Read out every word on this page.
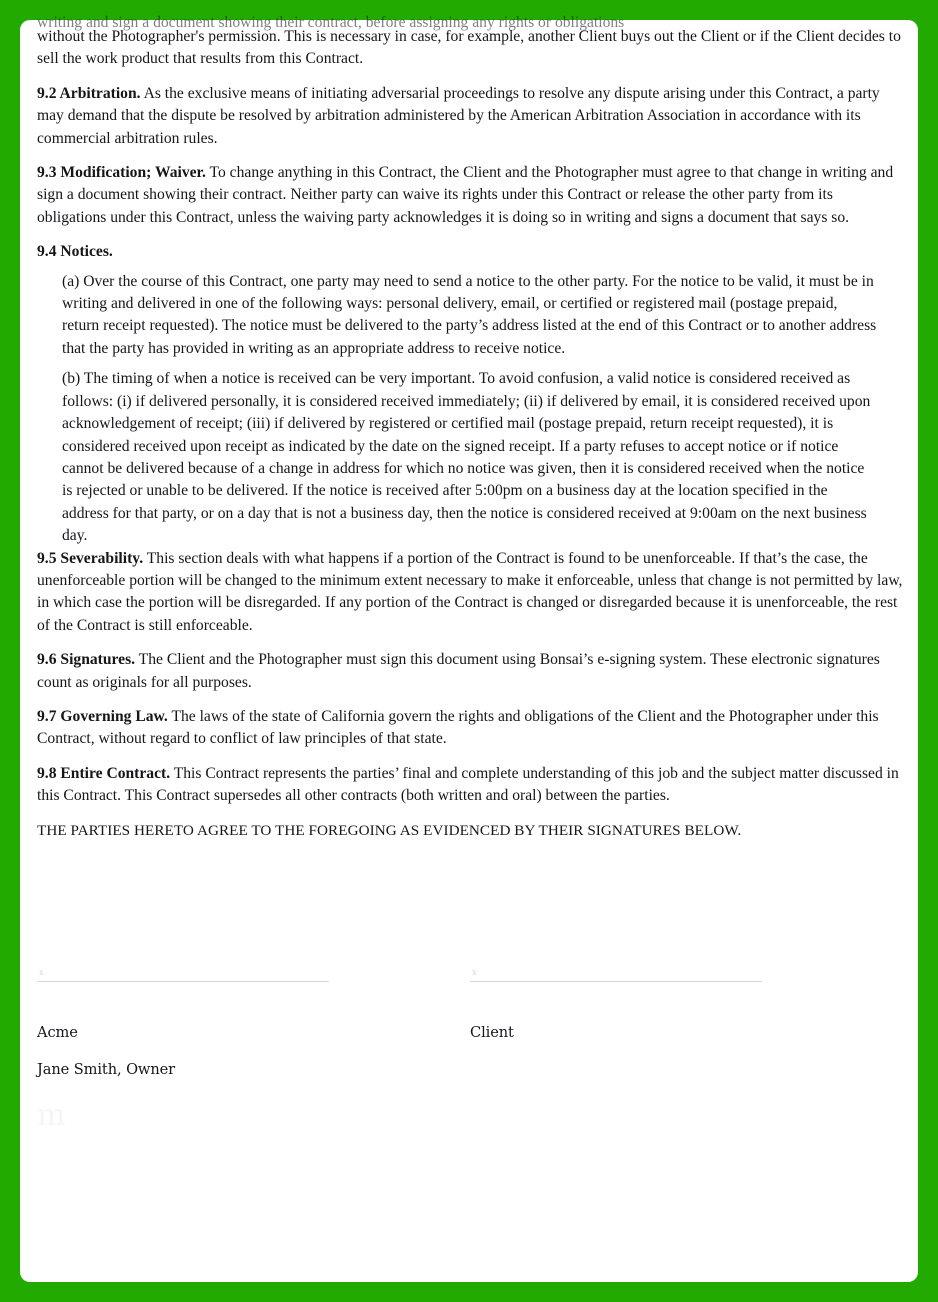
writing and sign a document showing their contract, before assigning any rights or obligations

without the Photographer's permission. This is necessary in case, for example, another Client buys out the Client or if the Client decides to sell the work product that results from this Contract.

9.2 Arbitration. As the exclusive means of initiating adversarial proceedings to resolve any dispute arising under this Contract, a party may demand that the dispute be resolved by arbitration administered by the American Arbitration Association in accordance with its commercial arbitration rules.

9.3 Modification; Waiver. To change anything in this Contract, the Client and the Photographer must agree to that change in writing and sign a document showing their contract. Neither party can waive its rights under this Contract or release the other party from its obligations under this Contract, unless the waiving party acknowledges it is doing so in writing and signs a document that says so.

9.4 Notices.

(a) Over the course of this Contract, one party may need to send a notice to the other party. For the notice to be valid, it must be in writing and delivered in one of the following ways: personal delivery, email, or certified or registered mail (postage prepaid, return receipt requested). The notice must be delivered to the party’s address listed at the end of this Contract or to another address that the party has provided in writing as an appropriate address to receive notice.

(b) The timing of when a notice is received can be very important. To avoid confusion, a valid notice is considered received as follows: (i) if delivered personally, it is considered received immediately; (ii) if delivered by email, it is considered received upon acknowledgement of receipt; (iii) if delivered by registered or certified mail (postage prepaid, return receipt requested), it is considered received upon receipt as indicated by the date on the signed receipt. If a party refuses to accept notice or if notice cannot be delivered because of a change in address for which no notice was given, then it is considered received when the notice is rejected or unable to be delivered. If the notice is received after 5:00pm on a business day at the location specified in the address for that party, or on a day that is not a business day, then the notice is considered received at 9:00am on the next business day.

9.5 Severability. This section deals with what happens if a portion of the Contract is found to be unenforceable. If that’s the case, the unenforceable portion will be changed to the minimum extent necessary to make it enforceable, unless that change is not permitted by law, in which case the portion will be disregarded. If any portion of the Contract is changed or disregarded because it is unenforceable, the rest of the Contract is still enforceable.

9.6 Signatures. The Client and the Photographer must sign this document using Bonsai’s e-signing system. These electronic signatures count as originals for all purposes.

9.7 Governing Law. The laws of the state of California govern the rights and obligations of the Client and the Photographer under this Contract, without regard to conflict of law principles of that state.

9.8 Entire Contract. This Contract represents the parties’ final and complete understanding of this job and the subject matter discussed in this Contract. This Contract supersedes all other contracts (both written and oral) between the parties.

THE PARTIES HERETO AGREE TO THE FOREGOING AS EVIDENCED BY THEIR SIGNATURES BELOW.

x
Acme
Jane Smith, Owner
x
Client
